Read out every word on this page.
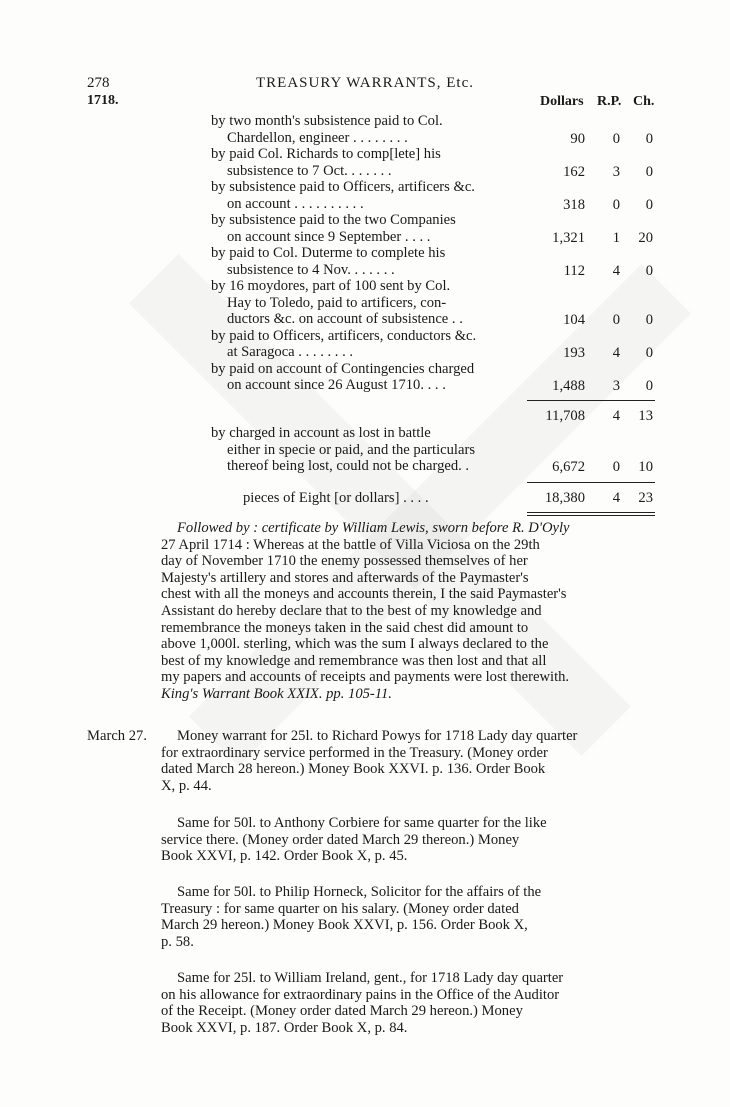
278	TREASURY WARRANTS, Etc.
1718.	Dollars R.P. Ch.
by two month's subsistence paid to Col.
Chardellon, engineer . . . . . . . .	90	0	0
by paid Col. Richards to comp[lete] his
subsistence to 7 Oct. . . . . . .	162	3	0
by subsistence paid to Officers, artificers &c.
on account . . . . . . . . . .	318	0	0
by subsistence paid to the two Companies
on account since 9 September . . . .	1,321	1	20
by paid to Col. Duterme to complete his
subsistence to 4 Nov. . . . . . .	112	4	0
by 16 moydores, part of 100 sent by Col.
Hay to Toledo, paid to artificers, con-
ductors &c. on account of subsistence . .	104	0	0
by paid to Officers, artificers, conductors &c.
at Saragoca . . . . . . . .	193	4	0
by paid on account of Contingencies charged
on account since 26 August 1710. . . .	1,488	3	0
11,708	4	13
by charged in account as lost in battle
either in specie or paid, and the particulars
thereof being lost, could not be charged. .	6,672	0	10
pieces of Eight [or dollars] . . . .	18,380	4	23
Followed by : certificate by William Lewis, sworn before R. D'Oyly
27 April 1714 : Whereas at the battle of Villa Viciosa on the 29th
day of November 1710 the enemy possessed themselves of her
Majesty's artillery and stores and afterwards of the Paymaster's
chest with all the moneys and accounts therein, I the said Paymaster's
Assistant do hereby declare that to the best of my knowledge and
remembrance the moneys taken in the said chest did amount to
above 1,000l. sterling, which was the sum I always declared to the
best of my knowledge and remembrance was then lost and that all
my papers and accounts of receipts and payments were lost therewith.
King's Warrant Book XXIX. pp. 105-11.
March 27.	Money warrant for 25l. to Richard Powys for 1718 Lady day quarter
for extraordinary service performed in the Treasury. (Money order
dated March 28 hereon.) Money Book XXVI. p. 136. Order Book
X, p. 44.
Same for 50l. to Anthony Corbiere for same quarter for the like
service there. (Money order dated March 29 thereon.) Money
Book XXVI, p. 142. Order Book X, p. 45.
Same for 50l. to Philip Horneck, Solicitor for the affairs of the
Treasury : for same quarter on his salary. (Money order dated
March 29 hereon.) Money Book XXVI, p. 156. Order Book X,
p. 58.
Same for 25l. to William Ireland, gent., for 1718 Lady day quarter
on his allowance for extraordinary pains in the Office of the Auditor
of the Receipt. (Money order dated March 29 hereon.) Money
Book XXVI, p. 187. Order Book X, p. 84.
